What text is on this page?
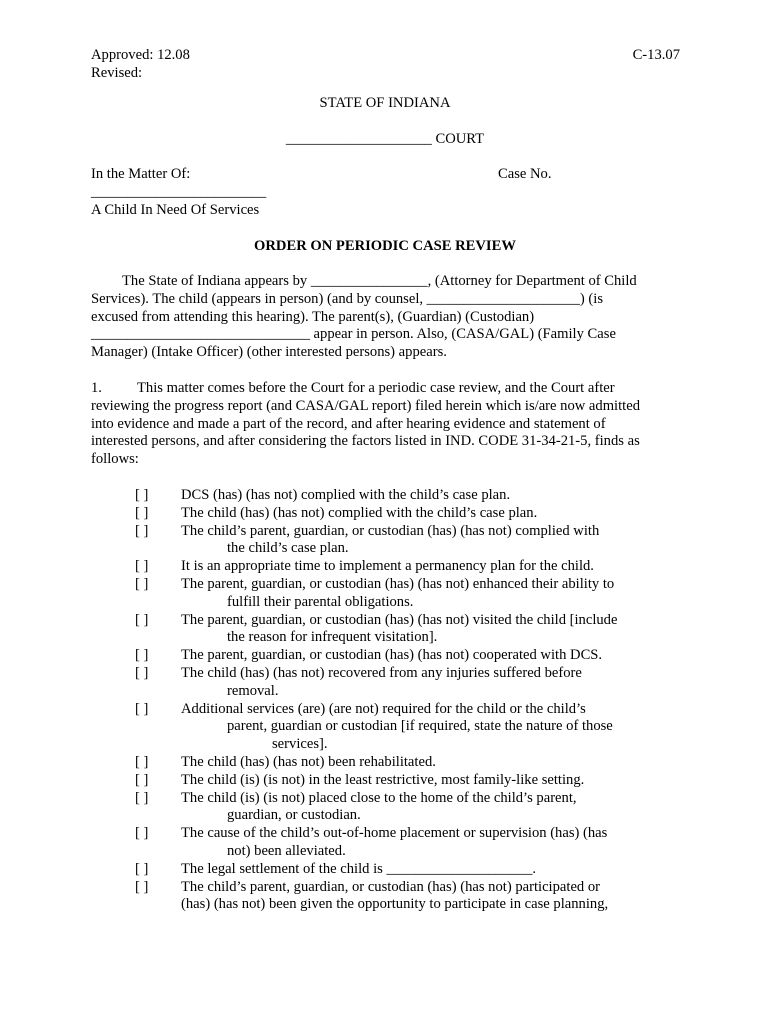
Approved: 12.08
Revised:
C-13.07
STATE OF INDIANA
____________________ COURT
In the Matter Of:	Case No.
________________________
A Child In Need Of Services
ORDER ON PERIODIC CASE REVIEW
The State of Indiana appears by ________________, (Attorney for Department of Child
Services). The child (appears in person) (and by counsel, _____________________) (is
excused from attending this hearing). The parent(s), (Guardian) (Custodian)
______________________________ appear in person. Also, (CASA/GAL) (Family Case
Manager) (Intake Officer) (other interested persons) appears.
1. This matter comes before the Court for a periodic case review, and the Court after
reviewing the progress report (and CASA/GAL report) filed herein which is/are now admitted
into evidence and made a part of the record, and after hearing evidence and statement of
interested persons, and after considering the factors listed in IND. CODE 31-34-21-5, finds as
follows:
[ ]	DCS (has) (has not) complied with the child’s case plan.
[ ]	The child (has) (has not) complied with the child’s case plan.
[ ]	The child’s parent, guardian, or custodian (has) (has not) complied with
the child’s case plan.
[ ]	It is an appropriate time to implement a permanency plan for the child.
[ ]	The parent, guardian, or custodian (has) (has not) enhanced their ability to
fulfill their parental obligations.
[ ]	The parent, guardian, or custodian (has) (has not) visited the child [include
the reason for infrequent visitation].
[ ]	The parent, guardian, or custodian (has) (has not) cooperated with DCS.
[ ]	The child (has) (has not) recovered from any injuries suffered before
removal.
[ ]	Additional services (are) (are not) required for the child or the child’s
parent, guardian or custodian [if required, state the nature of those
services].
[ ]	The child (has) (has not) been rehabilitated.
[ ]	The child (is) (is not) in the least restrictive, most family-like setting.
[ ]	The child (is) (is not) placed close to the home of the child’s parent,
guardian, or custodian.
[ ]	The cause of the child’s out-of-home placement or supervision (has) (has
not) been alleviated.
[ ]	The legal settlement of the child is ____________________.
[ ]	The child’s parent, guardian, or custodian (has) (has not) participated or
(has) (has not) been given the opportunity to participate in case planning,
